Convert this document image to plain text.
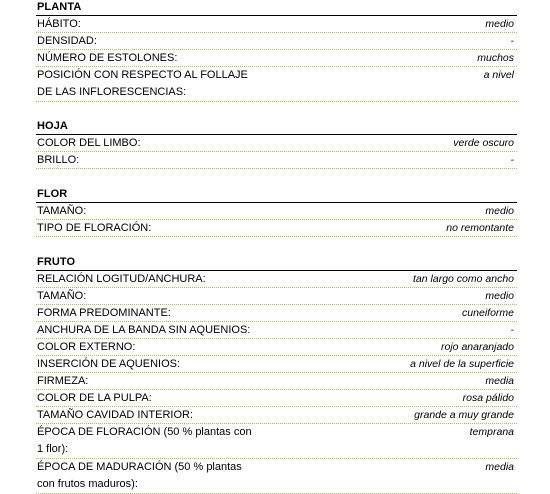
PLANTA
HÁBITO:	medio
DENSIDAD:	-
NÚMERO DE ESTOLONES:	muchos
POSICIÓN CON RESPECTO AL FOLLAJE DE LAS INFLORESCENCIAS:
a nivel
HOJA
COLOR DEL LIMBO:	verde oscuro
BRILLO:	-
FLOR
TAMAÑO:	medio
TIPO DE FLORACIÓN:	no remontante
FRUTO
RELACIÓN LOGITUD/ANCHURA:	tan largo como ancho
TAMAÑO:	medio
FORMA PREDOMINANTE:	cuneiforme
ANCHURA DE LA BANDA SIN AQUENIOS:	-
COLOR EXTERNO:	rojo anaranjado
INSERCIÓN DE AQUENIOS:	a nivel de la superficie
FIRMEZA:	media
COLOR DE LA PULPA:	rosa pálido
TAMAÑO CAVIDAD INTERIOR:	grande a muy grande
ÉPOCA DE FLORACIÓN (50 % plantas con 1 flor):
temprana
ÉPOCA DE MADURACIÓN (50 % plantas con frutos maduros):
media
